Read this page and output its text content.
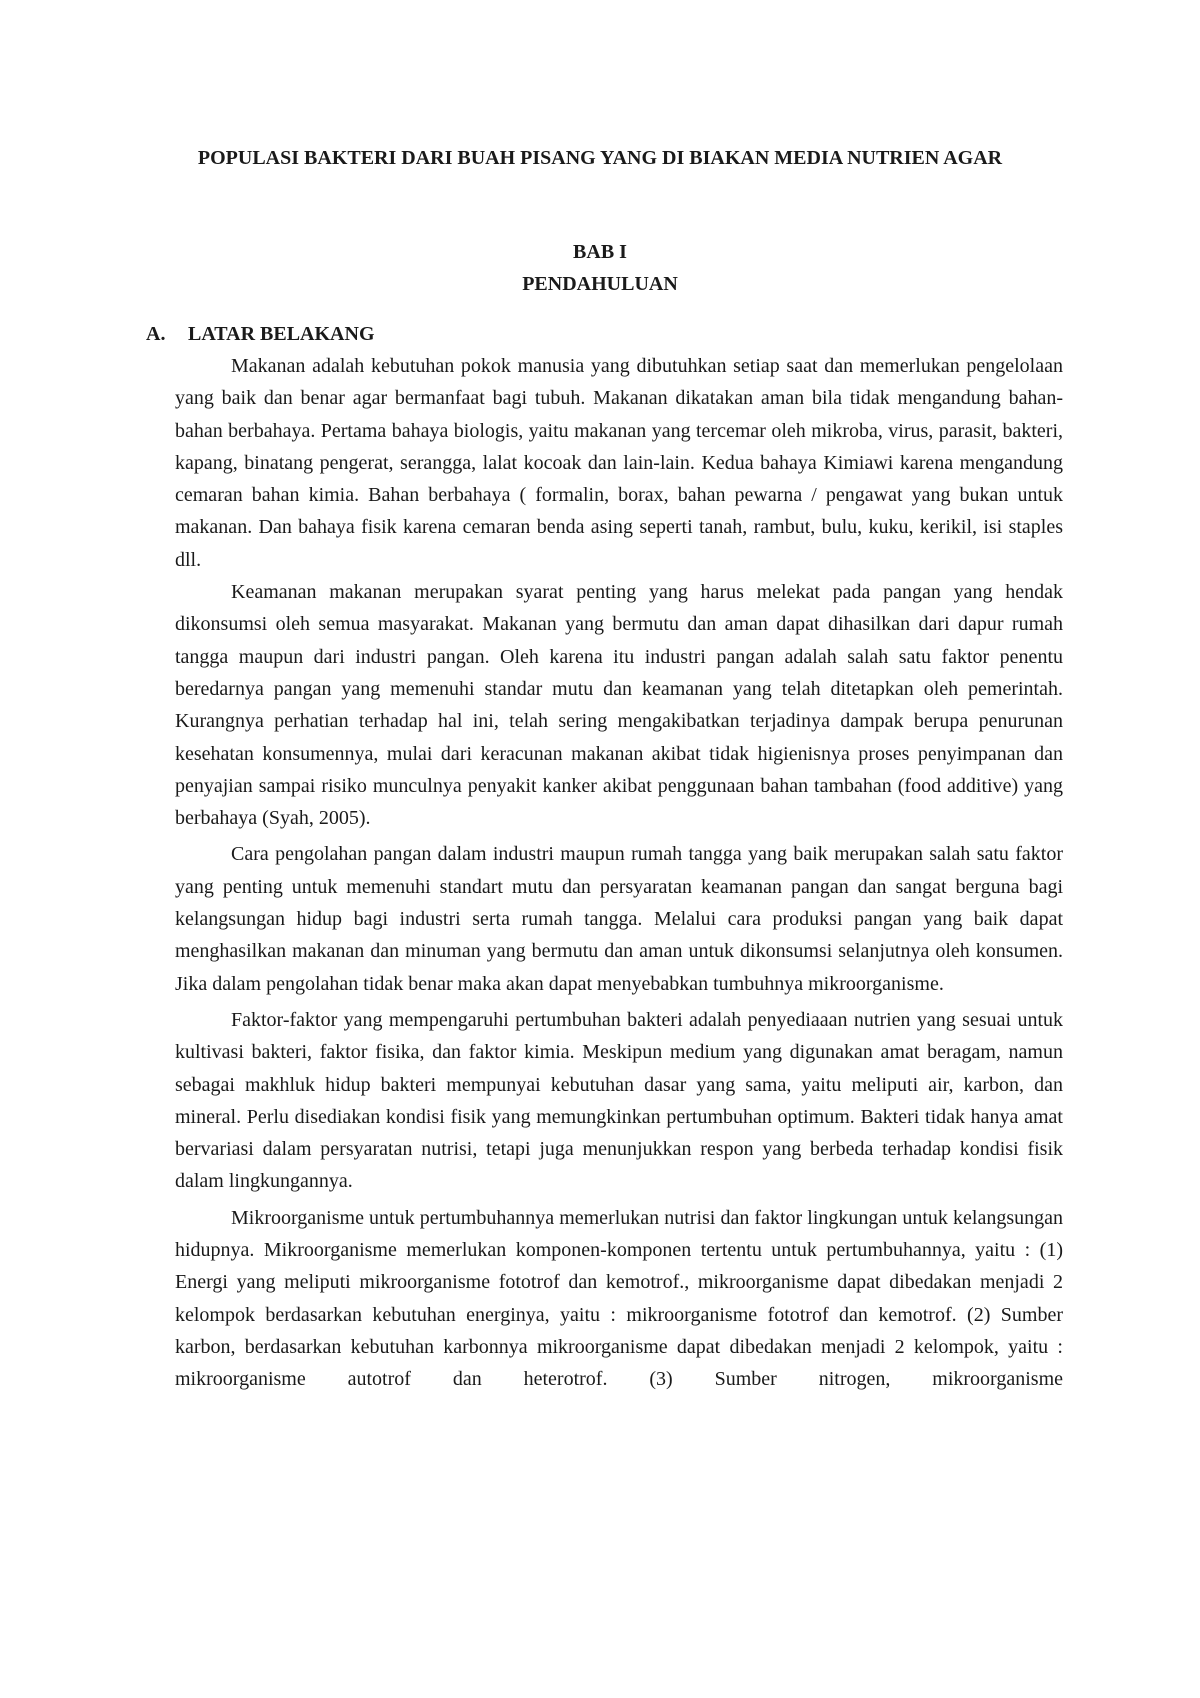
POPULASI BAKTERI DARI BUAH PISANG YANG DI BIAKAN MEDIA NUTRIEN AGAR
BAB I
PENDAHULUAN
A. LATAR BELAKANG

Makanan adalah kebutuhan pokok manusia yang dibutuhkan setiap saat dan memerlukan pengelolaan yang baik dan benar agar bermanfaat bagi tubuh. Makanan dikatakan aman bila tidak mengandung bahan-bahan berbahaya. Pertama bahaya biologis, yaitu makanan yang tercemar oleh mikroba, virus, parasit, bakteri, kapang, binatang pengerat, serangga, lalat kocoak dan lain-lain. Kedua bahaya Kimiawi karena mengandung cemaran bahan kimia. Bahan berbahaya ( formalin, borax, bahan pewarna / pengawat yang bukan untuk makanan. Dan bahaya fisik karena cemaran benda asing seperti tanah, rambut, bulu, kuku, kerikil, isi staples dll.

Keamanan makanan merupakan syarat penting yang harus melekat pada pangan yang hendak dikonsumsi oleh semua masyarakat. Makanan yang bermutu dan aman dapat dihasilkan dari dapur rumah tangga maupun dari industri pangan. Oleh karena itu industri pangan adalah salah satu faktor penentu beredarnya pangan yang memenuhi standar mutu dan keamanan yang telah ditetapkan oleh pemerintah. Kurangnya perhatian terhadap hal ini, telah sering mengakibatkan terjadinya dampak berupa penurunan kesehatan konsumennya, mulai dari keracunan makanan akibat tidak higienisnya proses penyimpanan dan penyajian sampai risiko munculnya penyakit kanker akibat penggunaan bahan tambahan (food additive) yang berbahaya (Syah, 2005).

Cara pengolahan pangan dalam industri maupun rumah tangga yang baik merupakan salah satu faktor yang penting untuk memenuhi standart mutu dan persyaratan keamanan pangan dan sangat berguna bagi kelangsungan hidup bagi industri serta rumah tangga. Melalui cara produksi pangan yang baik dapat menghasilkan makanan dan minuman yang bermutu dan aman untuk dikonsumsi selanjutnya oleh konsumen. Jika dalam pengolahan tidak benar maka akan dapat menyebabkan tumbuhnya mikroorganisme.

Faktor-faktor yang mempengaruhi pertumbuhan bakteri adalah penyediaaan nutrien yang sesuai untuk kultivasi bakteri, faktor fisika, dan faktor kimia. Meskipun medium yang digunakan amat beragam, namun sebagai makhluk hidup bakteri mempunyai kebutuhan dasar yang sama, yaitu meliputi air, karbon, dan mineral. Perlu disediakan kondisi fisik yang memungkinkan pertumbuhan optimum. Bakteri tidak hanya amat bervariasi dalam persyaratan nutrisi, tetapi juga menunjukkan respon yang berbeda terhadap kondisi fisik dalam lingkungannya.

Mikroorganisme untuk pertumbuhannya memerlukan nutrisi dan faktor lingkungan untuk kelangsungan hidupnya. Mikroorganisme memerlukan komponen-komponen tertentu untuk pertumbuhannya, yaitu : (1) Energi yang meliputi mikroorganisme fototrof dan kemotrof., mikroorganisme dapat dibedakan menjadi 2 kelompok berdasarkan kebutuhan energinya, yaitu : mikroorganisme fototrof dan kemotrof. (2) Sumber karbon, berdasarkan kebutuhan karbonnya mikroorganisme dapat dibedakan menjadi 2 kelompok, yaitu : mikroorganisme autotrof dan heterotrof. (3) Sumber nitrogen, mikroorganisme
